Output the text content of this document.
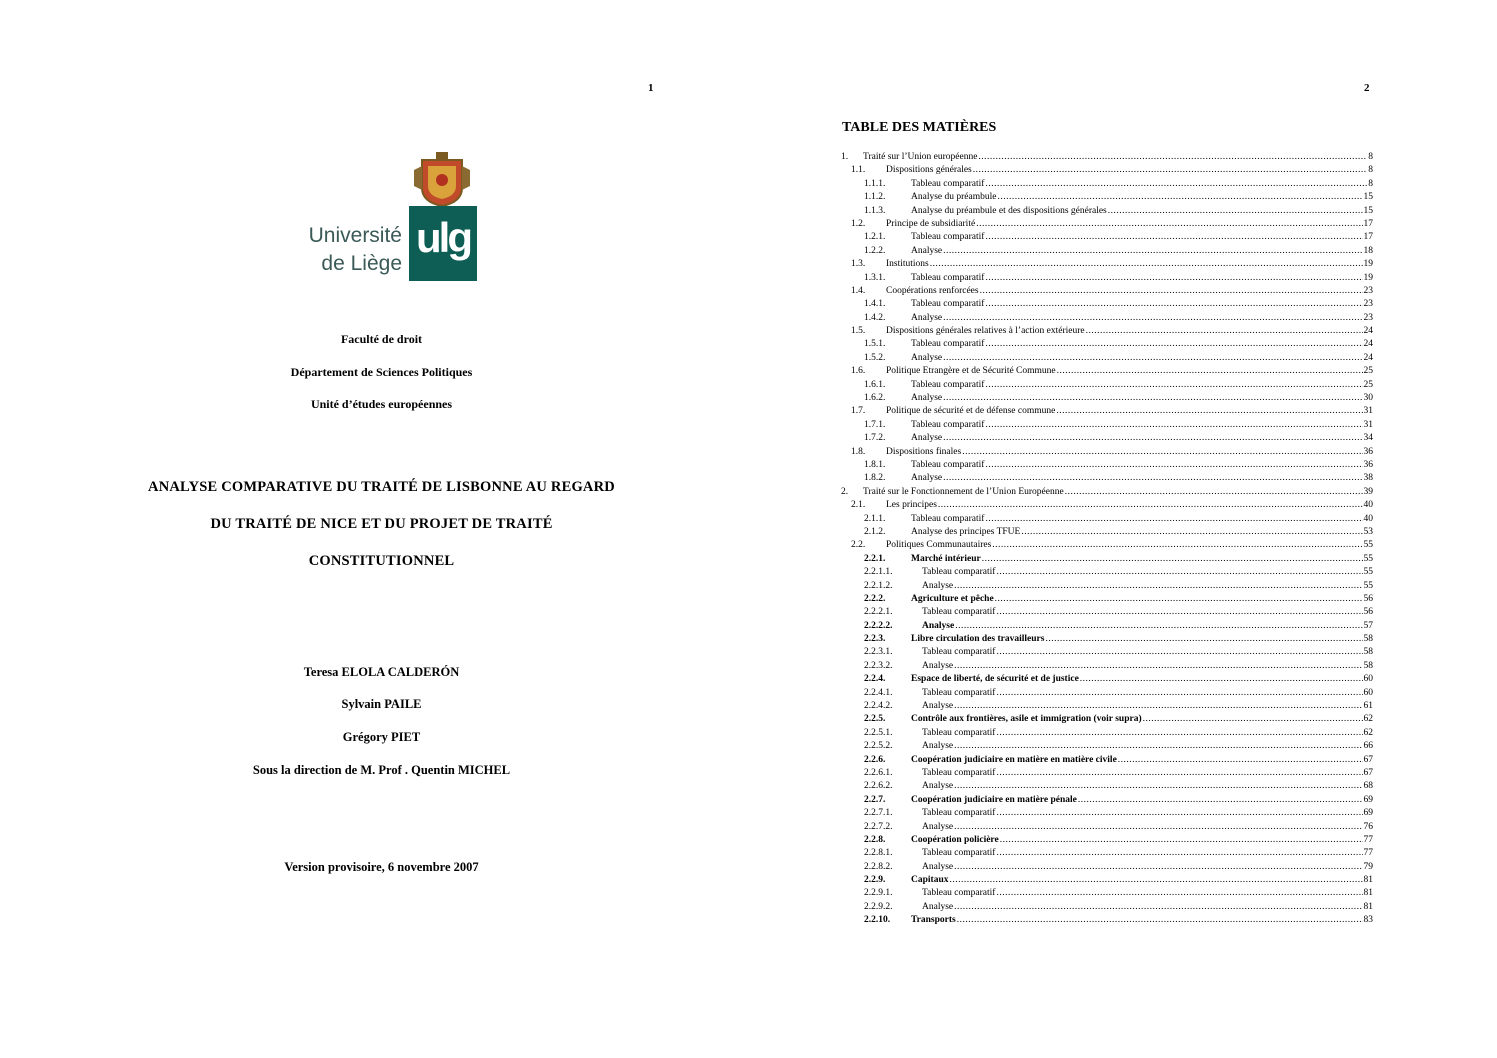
1
Université
de Liège
ulg
Faculté de droit
Département de Sciences Politiques
Unité d’études européennes
ANALYSE COMPARATIVE DU TRAITÉ DE LISBONNE AU REGARD
DU TRAITÉ DE NICE ET DU PROJET DE TRAITÉ
CONSTITUTIONNEL
Teresa ELOLA CALDERÓN
Sylvain PAILE
Grégory PIET
Sous la direction de M. Prof . Quentin MICHEL
Version provisoire, 6 novembre 2007
2
TABLE DES MATIÈRES
1.	Traité sur l’Union européenne .....	8
1.1.	Dispositions générales .....	8
1.1.1.	Tableau comparatif .....	8
1.1.2.	Analyse du préambule .....	15
1.1.3.	Analyse du préambule et des dispositions générales .....	15
1.2.	Principe de subsidiarité .....	17
1.2.1.	Tableau comparatif .....	17
1.2.2.	Analyse .....	18
1.3.	Institutions .....	19
1.3.1.	Tableau comparatif .....	19
1.4.	Coopérations renforcées .....	23
1.4.1.	Tableau comparatif .....	23
1.4.2.	Analyse .....	23
1.5.	Dispositions générales relatives à l’action extérieure .....	24
1.5.1.	Tableau comparatif .....	24
1.5.2.	Analyse .....	24
1.6.	Politique Etrangère et de Sécurité Commune .....	25
1.6.1.	Tableau comparatif .....	25
1.6.2.	Analyse .....	30
1.7.	Politique de sécurité et de défense commune .....	31
1.7.1.	Tableau comparatif .....	31
1.7.2.	Analyse .....	34
1.8.	Dispositions finales .....	36
1.8.1.	Tableau comparatif .....	36
1.8.2.	Analyse .....	38
2.	Traité sur le Fonctionnement de l’Union Européenne .....	39
2.1.	Les principes .....	40
2.1.1.	Tableau comparatif .....	40
2.1.2.	Analyse des principes TFUE .....	53
2.2.	Politiques Communautaires .....	55
2.2.1.	Marché intérieur .....	55
2.2.1.1.	Tableau comparatif .....	55
2.2.1.2.	Analyse .....	55
2.2.2.	Agriculture et pêche .....	56
2.2.2.1.	Tableau comparatif .....	56
2.2.2.2.	Analyse .....	57
2.2.3.	Libre circulation des travailleurs .....	58
2.2.3.1.	Tableau comparatif .....	58
2.2.3.2.	Analyse .....	58
2.2.4.	Espace de liberté, de sécurité et de justice .....	60
2.2.4.1.	Tableau comparatif .....	60
2.2.4.2.	Analyse .....	61
2.2.5.	Contrôle aux frontières, asile et immigration (voir supra) .....	62
2.2.5.1.	Tableau comparatif .....	62
2.2.5.2.	Analyse .....	66
2.2.6.	Coopération judiciaire en matière en matière civile .....	67
2.2.6.1.	Tableau comparatif .....	67
2.2.6.2.	Analyse .....	68
2.2.7.	Coopération judiciaire en matière pénale .....	69
2.2.7.1.	Tableau comparatif .....	69
2.2.7.2.	Analyse .....	76
2.2.8.	Coopération policière .....	77
2.2.8.1.	Tableau comparatif .....	77
2.2.8.2.	Analyse .....	79
2.2.9.	Capitaux .....	81
2.2.9.1.	Tableau comparatif .....	81
2.2.9.2.	Analyse .....	81
2.2.10.	Transports .....	83
